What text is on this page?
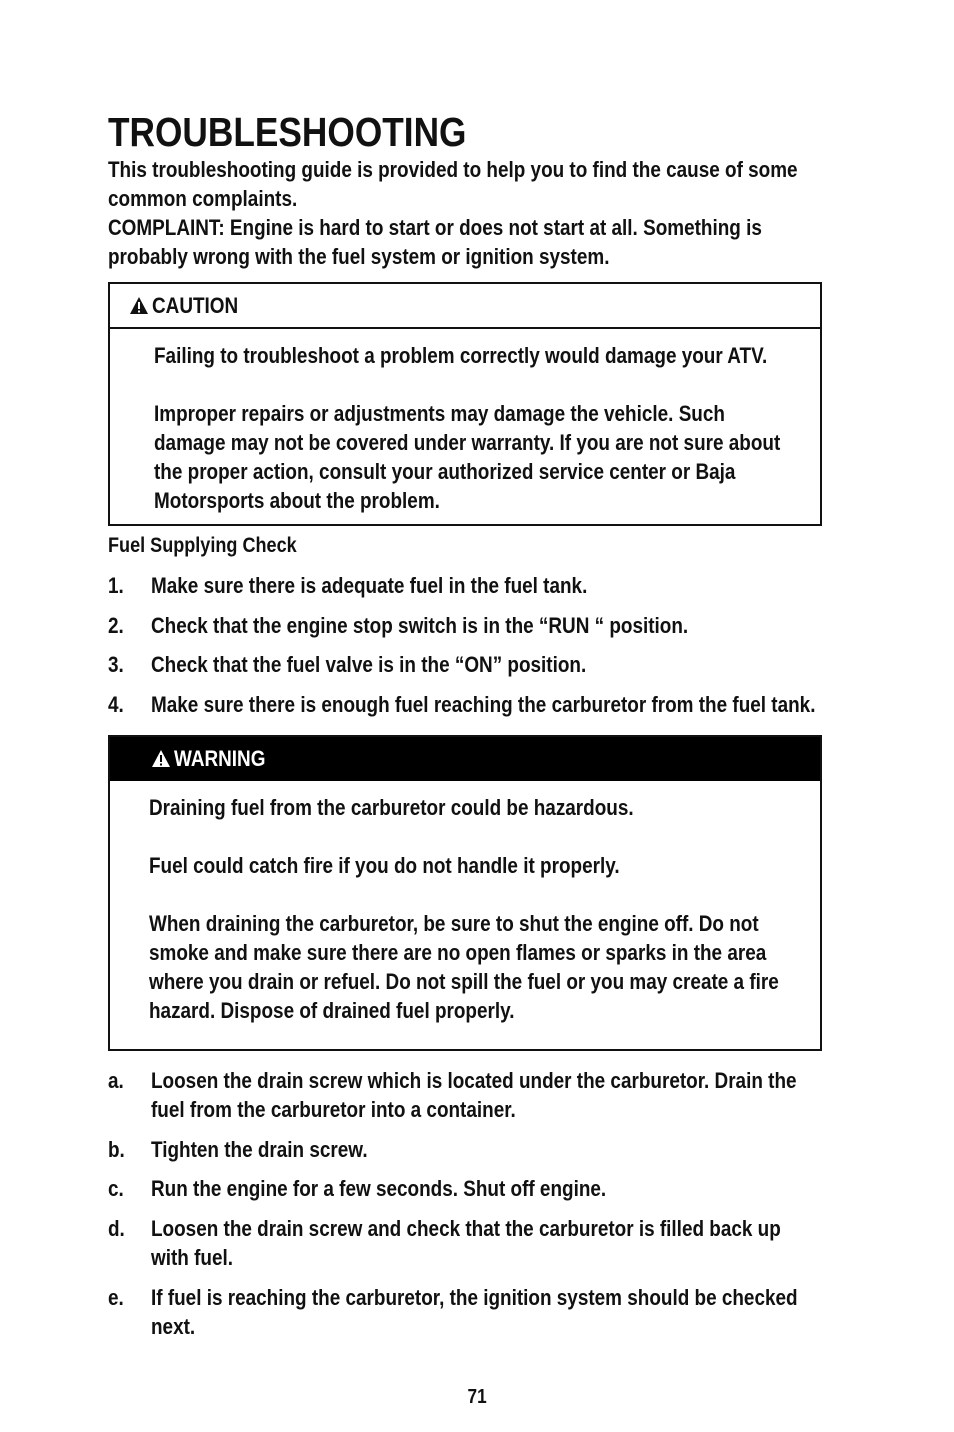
TROUBLESHOOTING
This troubleshooting guide is provided to help you to find the cause of some
common complaints.
COMPLAINT: Engine is hard to start or does not start at all. Something is
probably wrong with the fuel system or ignition system.
CAUTION
Failing to troubleshoot a problem correctly would damage your ATV.
Improper repairs or adjustments may damage the vehicle. Such
damage may not be covered under warranty. If you are not sure about
the proper action, consult your authorized service center or Baja
Motorsports about the problem.
Fuel Supplying Check
1. Make sure there is adequate fuel in the fuel tank.
2. Check that the engine stop switch is in the “RUN “ position.
3. Check that the fuel valve is in the “ON” position.
4. Make sure there is enough fuel reaching the carburetor from the fuel tank.
WARNING
Draining fuel from the carburetor could be hazardous.
Fuel could catch fire if you do not handle it properly.
When draining the carburetor, be sure to shut the engine off. Do not
smoke and make sure there are no open flames or sparks in the area
where you drain or refuel. Do not spill the fuel or you may create a fire
hazard. Dispose of drained fuel properly.
a. Loosen the drain screw which is located under the carburetor. Drain the
fuel from the carburetor into a container.
b. Tighten the drain screw.
c. Run the engine for a few seconds. Shut off engine.
d. Loosen the drain screw and check that the carburetor is filled back up
with fuel.
e. If fuel is reaching the carburetor, the ignition system should be checked
next.
71
